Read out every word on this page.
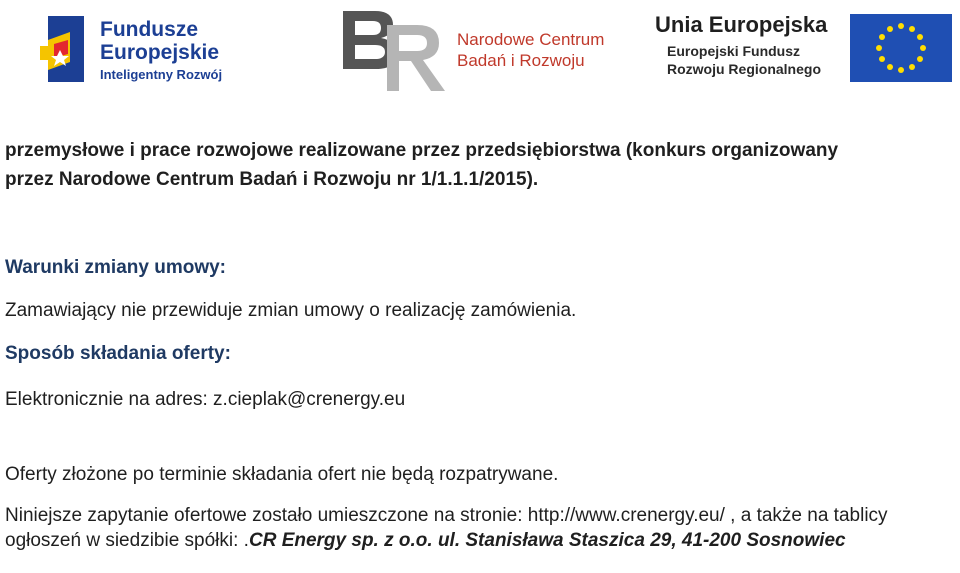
Fundusze
Europejskie
Inteligentny Rozwój
Narodowe Centrum
Badań i Rozwoju
Unia Europejska
Europejski Fundusz
Rozwoju Regionalnego

przemysłowe i prace rozwojowe realizowane przez przedsiębiorstwa (konkurs organizowany

przez Narodowe Centrum Badań i Rozwoju nr 1/1.1.1/2015).

Warunki zmiany umowy:

Zamawiający nie przewiduje zmian umowy o realizację zamówienia.

Sposób składania oferty:

Elektronicznie na adres: z.cieplak@crenergy.eu

Oferty złożone po terminie składania ofert nie będą rozpatrywane.

Niniejsze zapytanie ofertowe zostało umieszczone na stronie: http://www.crenergy.eu/ , a także na tablicy

ogłoszeń w siedzibie spółki: .CR Energy sp. z o.o. ul. Stanisława Staszica 29, 41-200 Sosnowiec
